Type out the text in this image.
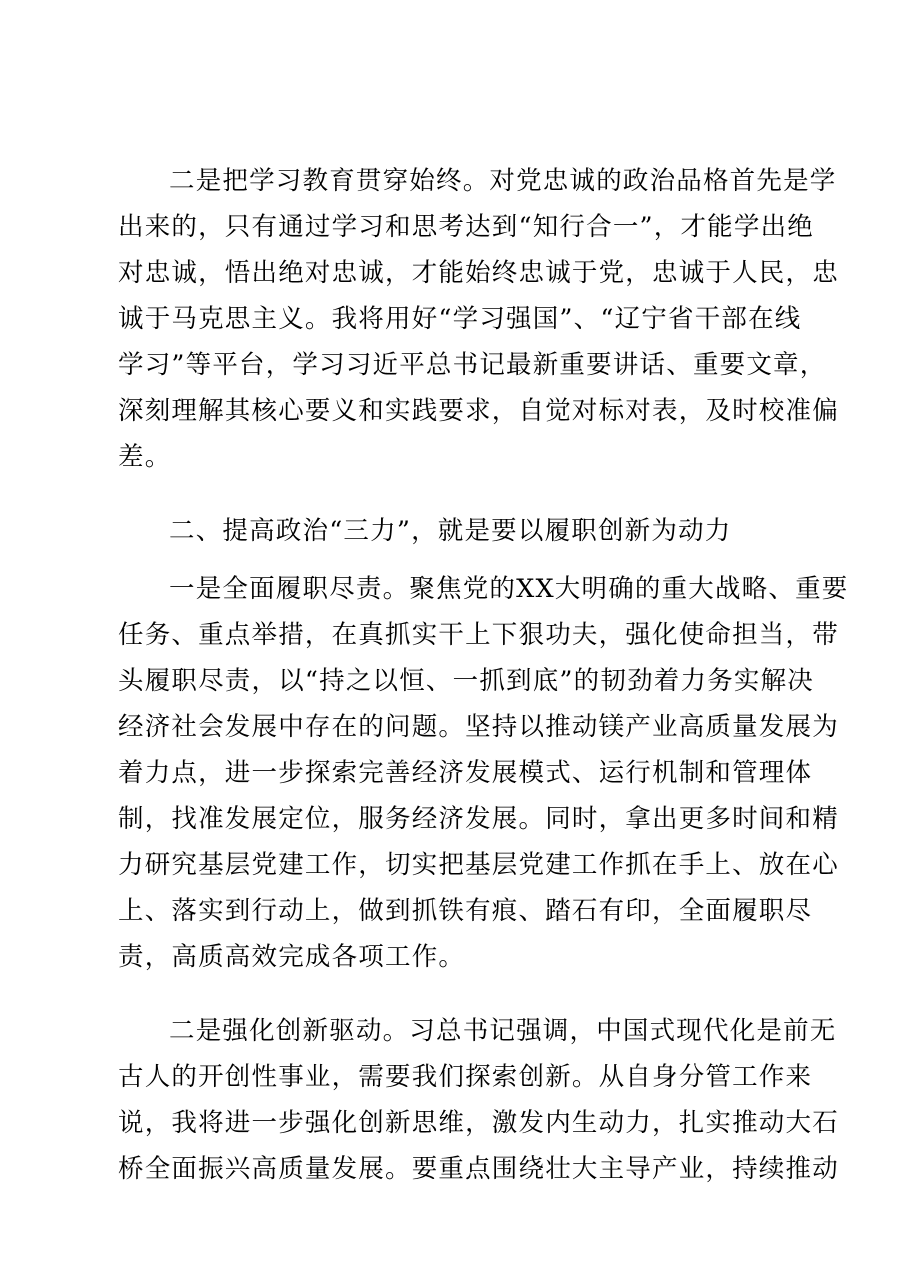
二是把学习教育贯穿始终。对党忠诚的政治品格首先是学
出来的，只有通过学习和思考达到“知行合一”，才能学出绝
对忠诚，悟出绝对忠诚，才能始终忠诚于党，忠诚于人民，忠
诚于马克思主义。我将用好“学习强国”、“辽宁省干部在线
学习”等平台，学习习近平总书记最新重要讲话、重要文章，
深刻理解其核心要义和实践要求，自觉对标对表，及时校准偏
差。
二、提高政治“三力”，就是要以履职创新为动力
一是全面履职尽责。聚焦党的XX大明确的重大战略、重要
任务、重点举措，在真抓实干上下狠功夫，强化使命担当，带
头履职尽责，以“持之以恒、一抓到底”的韧劲着力务实解决
经济社会发展中存在的问题。坚持以推动镁产业高质量发展为
着力点，进一步探索完善经济发展模式、运行机制和管理体
制，找准发展定位，服务经济发展。同时，拿出更多时间和精
力研究基层党建工作，切实把基层党建工作抓在手上、放在心
上、落实到行动上，做到抓铁有痕、踏石有印，全面履职尽
责，高质高效完成各项工作。
二是强化创新驱动。习总书记强调，中国式现代化是前无
古人的开创性事业，需要我们探索创新。从自身分管工作来
说，我将进一步强化创新思维，激发内生动力，扎实推动大石
桥全面振兴高质量发展。要重点围绕壮大主导产业，持续推动
